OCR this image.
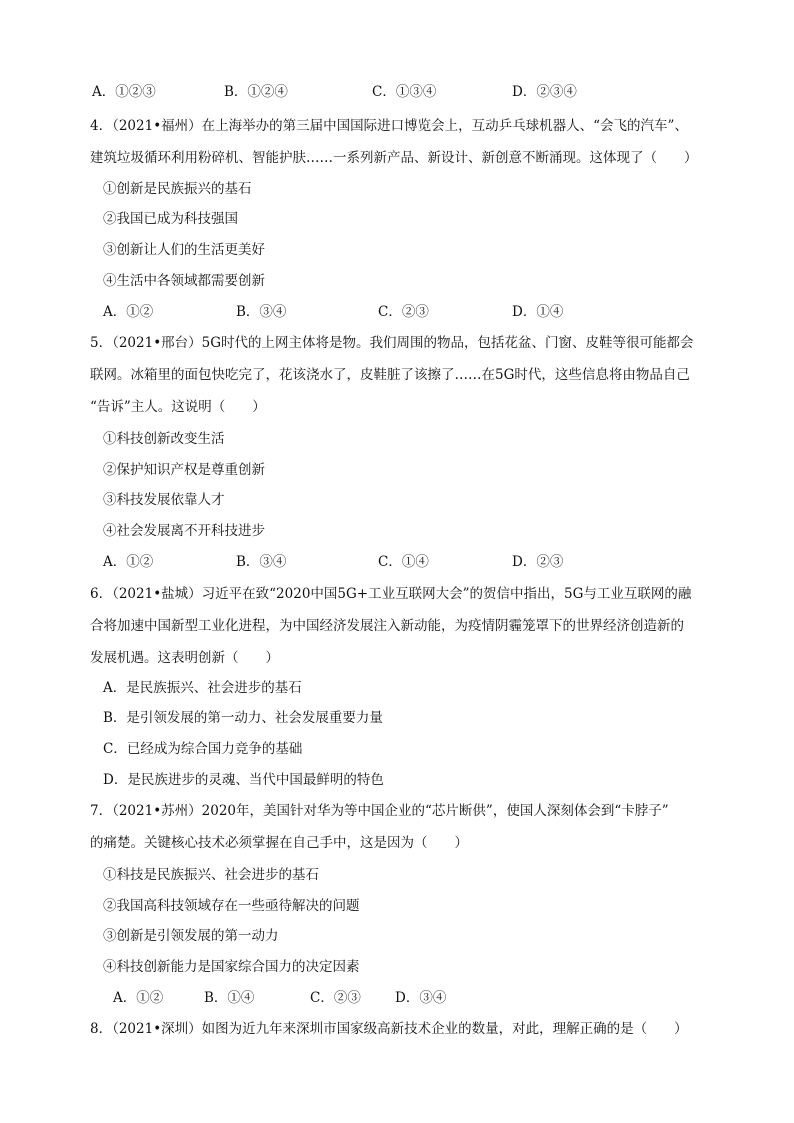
A．①②③	B．①②④	C．①③④	D．②③④
4．（2021•福州）在上海举办的第三届中国国际进口博览会上，互动乒乓球机器人、“会飞的汽车”、
建筑垃圾循环利用粉碎机、智能护肤……一系列新产品、新设计、新创意不断涌现。这体现了（　　）
①创新是民族振兴的基石
②我国已成为科技强国
③创新让人们的生活更美好
④生活中各领域都需要创新
A．①②	B．③④	C．②③	D．①④
5．（2021•邢台）5G时代的上网主体将是物。我们周围的物品，包括花盆、门窗、皮鞋等很可能都会
联网。冰箱里的面包快吃完了，花该浇水了，皮鞋脏了该擦了……在5G时代，这些信息将由物品自己
“告诉”主人。这说明（　　）
①科技创新改变生活
②保护知识产权是尊重创新
③科技发展依靠人才
④社会发展离不开科技进步
A．①②	B．③④	C．①④	D．②③
6．（2021•盐城）习近平在致“2020中国5G+工业互联网大会”的贺信中指出，5G与工业互联网的融
合将加速中国新型工业化进程，为中国经济发展注入新动能，为疫情阴霾笼罩下的世界经济创造新的
发展机遇。这表明创新（　　）
A．是民族振兴、社会进步的基石
B．是引领发展的第一动力、社会发展重要力量
C．已经成为综合国力竞争的基础
D．是民族进步的灵魂、当代中国最鲜明的特色
7．（2021•苏州）2020年，美国针对华为等中国企业的“芯片断供”，使国人深刻体会到“卡脖子”
的痛楚。关键核心技术必须掌握在自己手中，这是因为（　　）
①科技是民族振兴、社会进步的基石
②我国高科技领域存在一些亟待解决的问题
③创新是引领发展的第一动力
④科技创新能力是国家综合国力的决定因素
A．①②	B．①④	C．②③	D．③④
8．（2021•深圳）如图为近九年来深圳市国家级高新技术企业的数量，对此，理解正确的是（　　）
